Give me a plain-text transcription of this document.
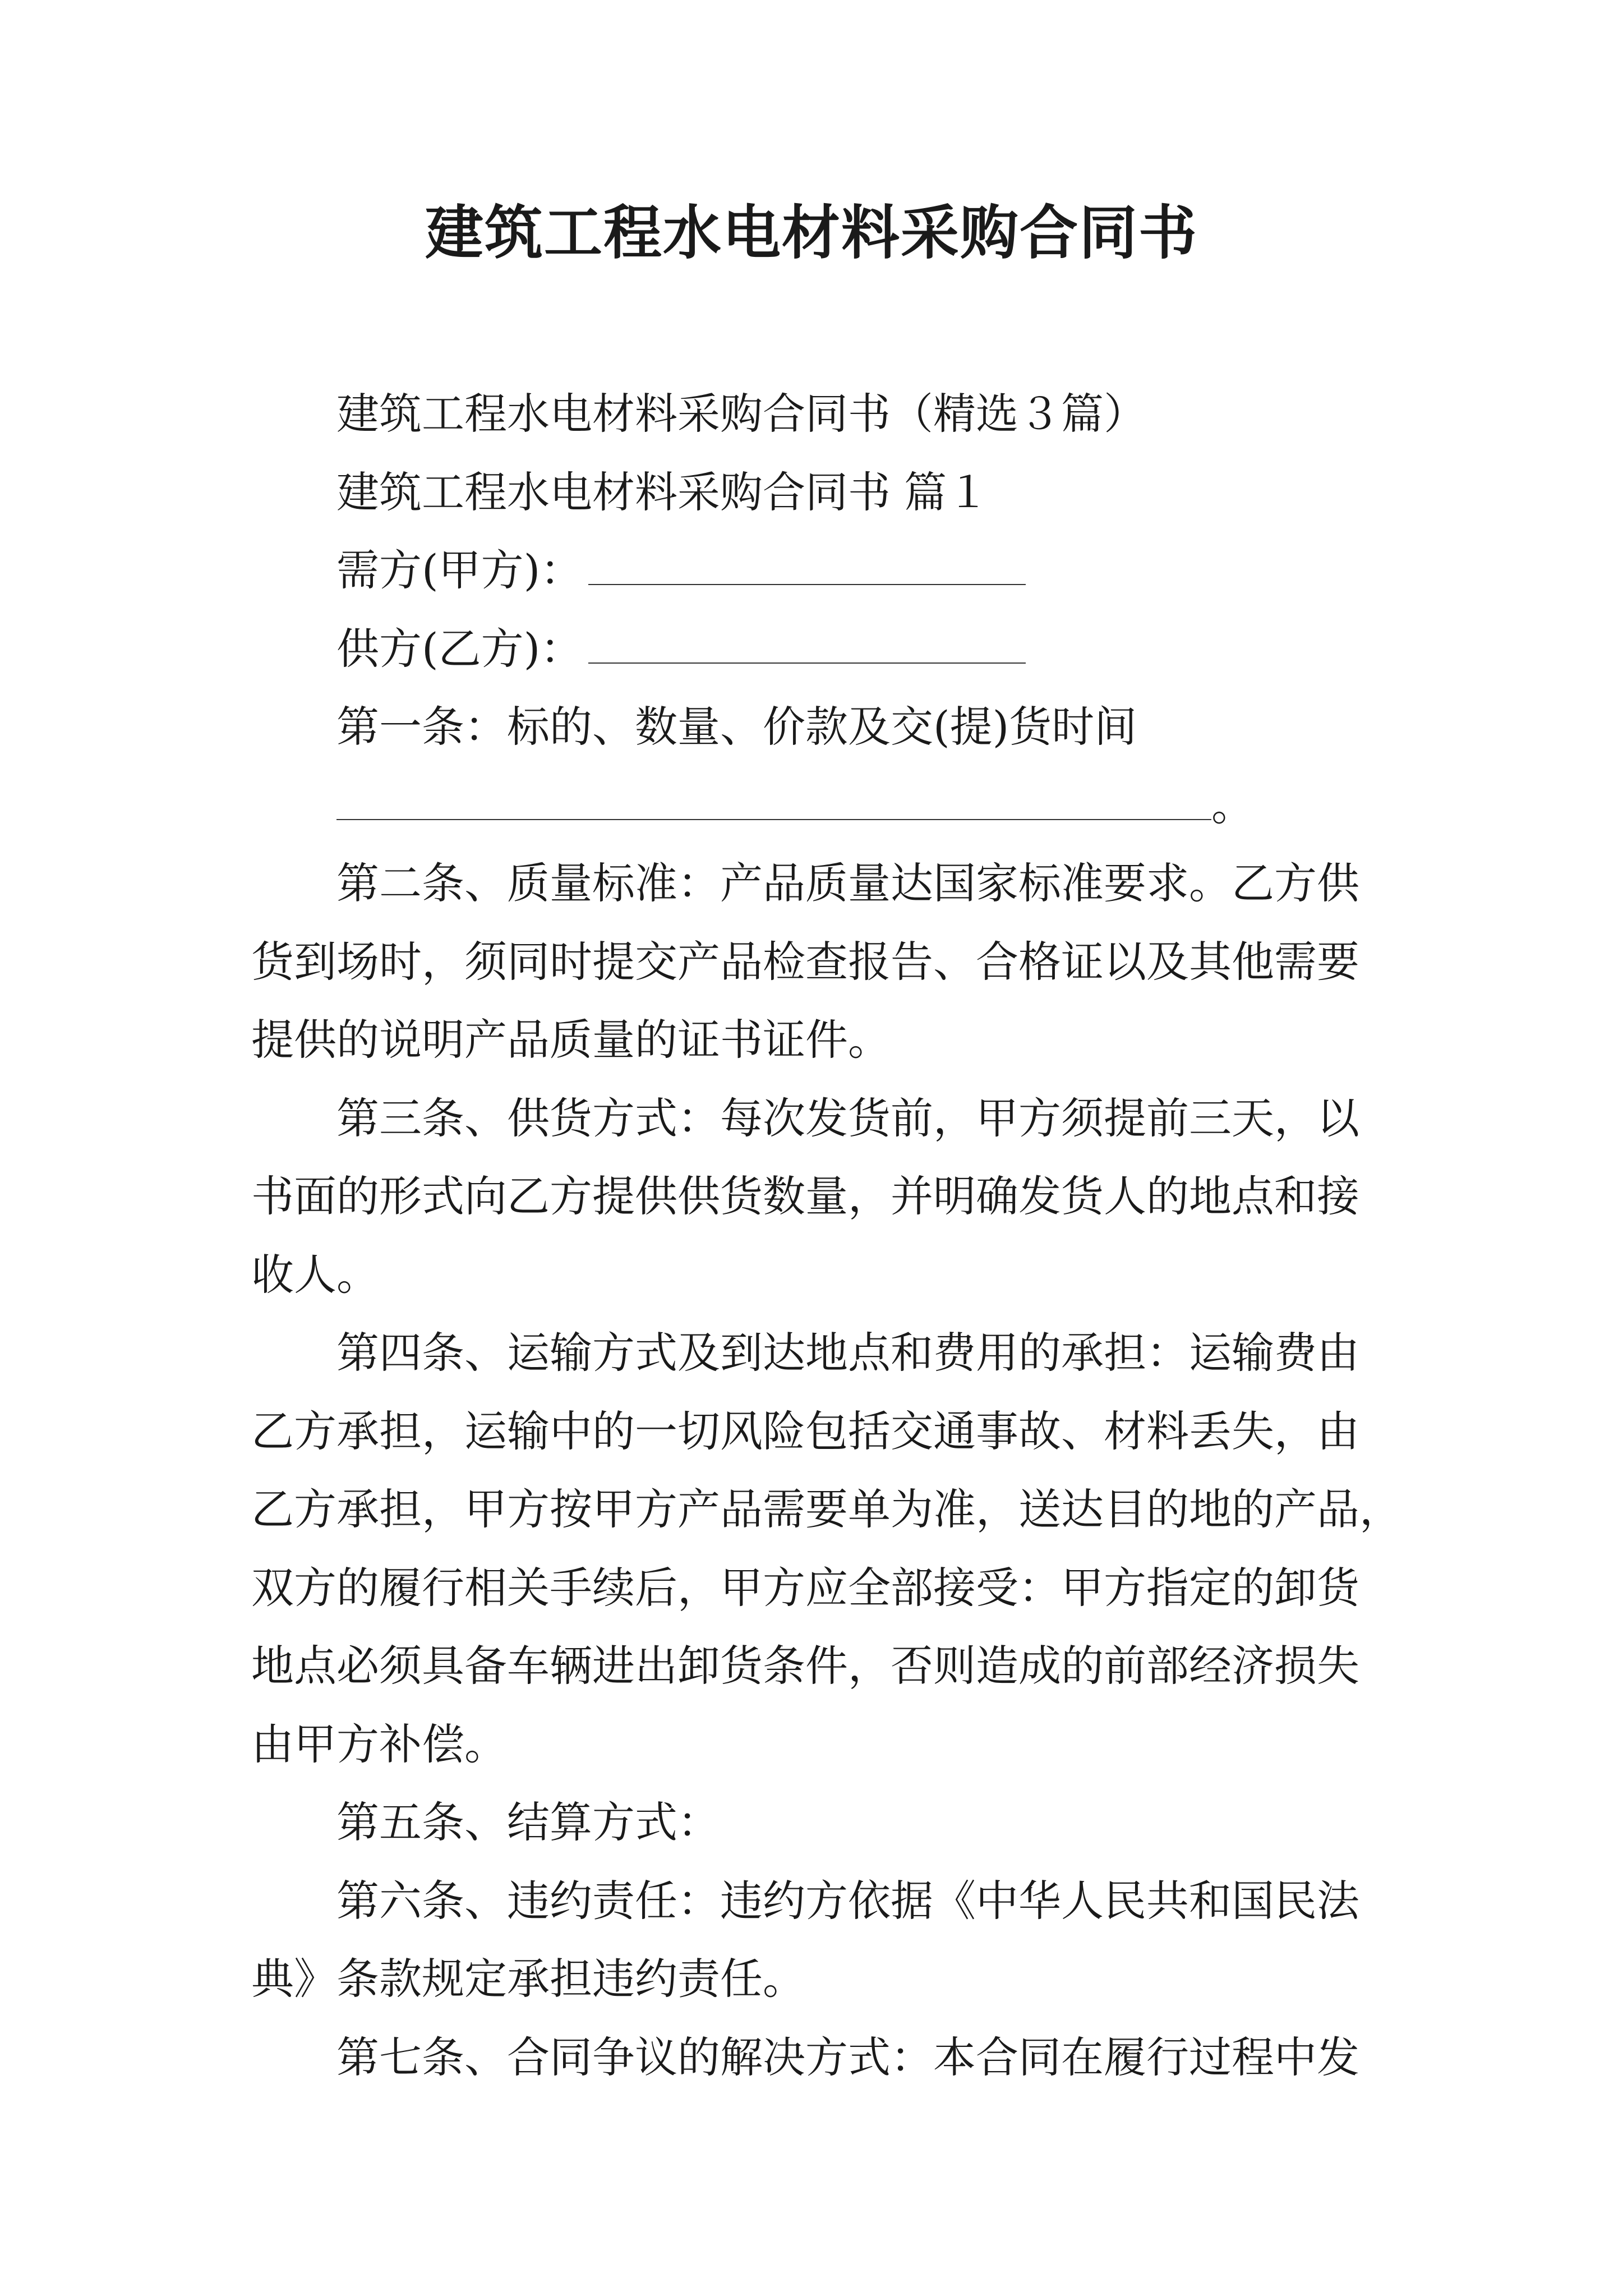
建筑工程水电材料采购合同书
建筑工程水电材料采购合同书（精选３篇）
建筑工程水电材料采购合同书 篇１
需方(甲方)：
供方(乙方)：
第一条：标的、数量、价款及交(提)货时间
。
第二条、质量标准：产品质量达国家标准要求。乙方供
货到场时，须同时提交产品检查报告、合格证以及其他需要
提供的说明产品质量的证书证件。
第三条、供货方式：每次发货前，甲方须提前三天，以
书面的形式向乙方提供供货数量，并明确发货人的地点和接
收人。
第四条、运输方式及到达地点和费用的承担：运输费由
乙方承担，运输中的一切风险包括交通事故、材料丢失，由
乙方承担，甲方按甲方产品需要单为准，送达目的地的产品，
双方的履行相关手续后，甲方应全部接受：甲方指定的卸货
地点必须具备车辆进出卸货条件，否则造成的前部经济损失
由甲方补偿。
第五条、结算方式：
第六条、违约责任：违约方依据《中华人民共和国民法
典》条款规定承担违约责任。
第七条、合同争议的解决方式：本合同在履行过程中发
